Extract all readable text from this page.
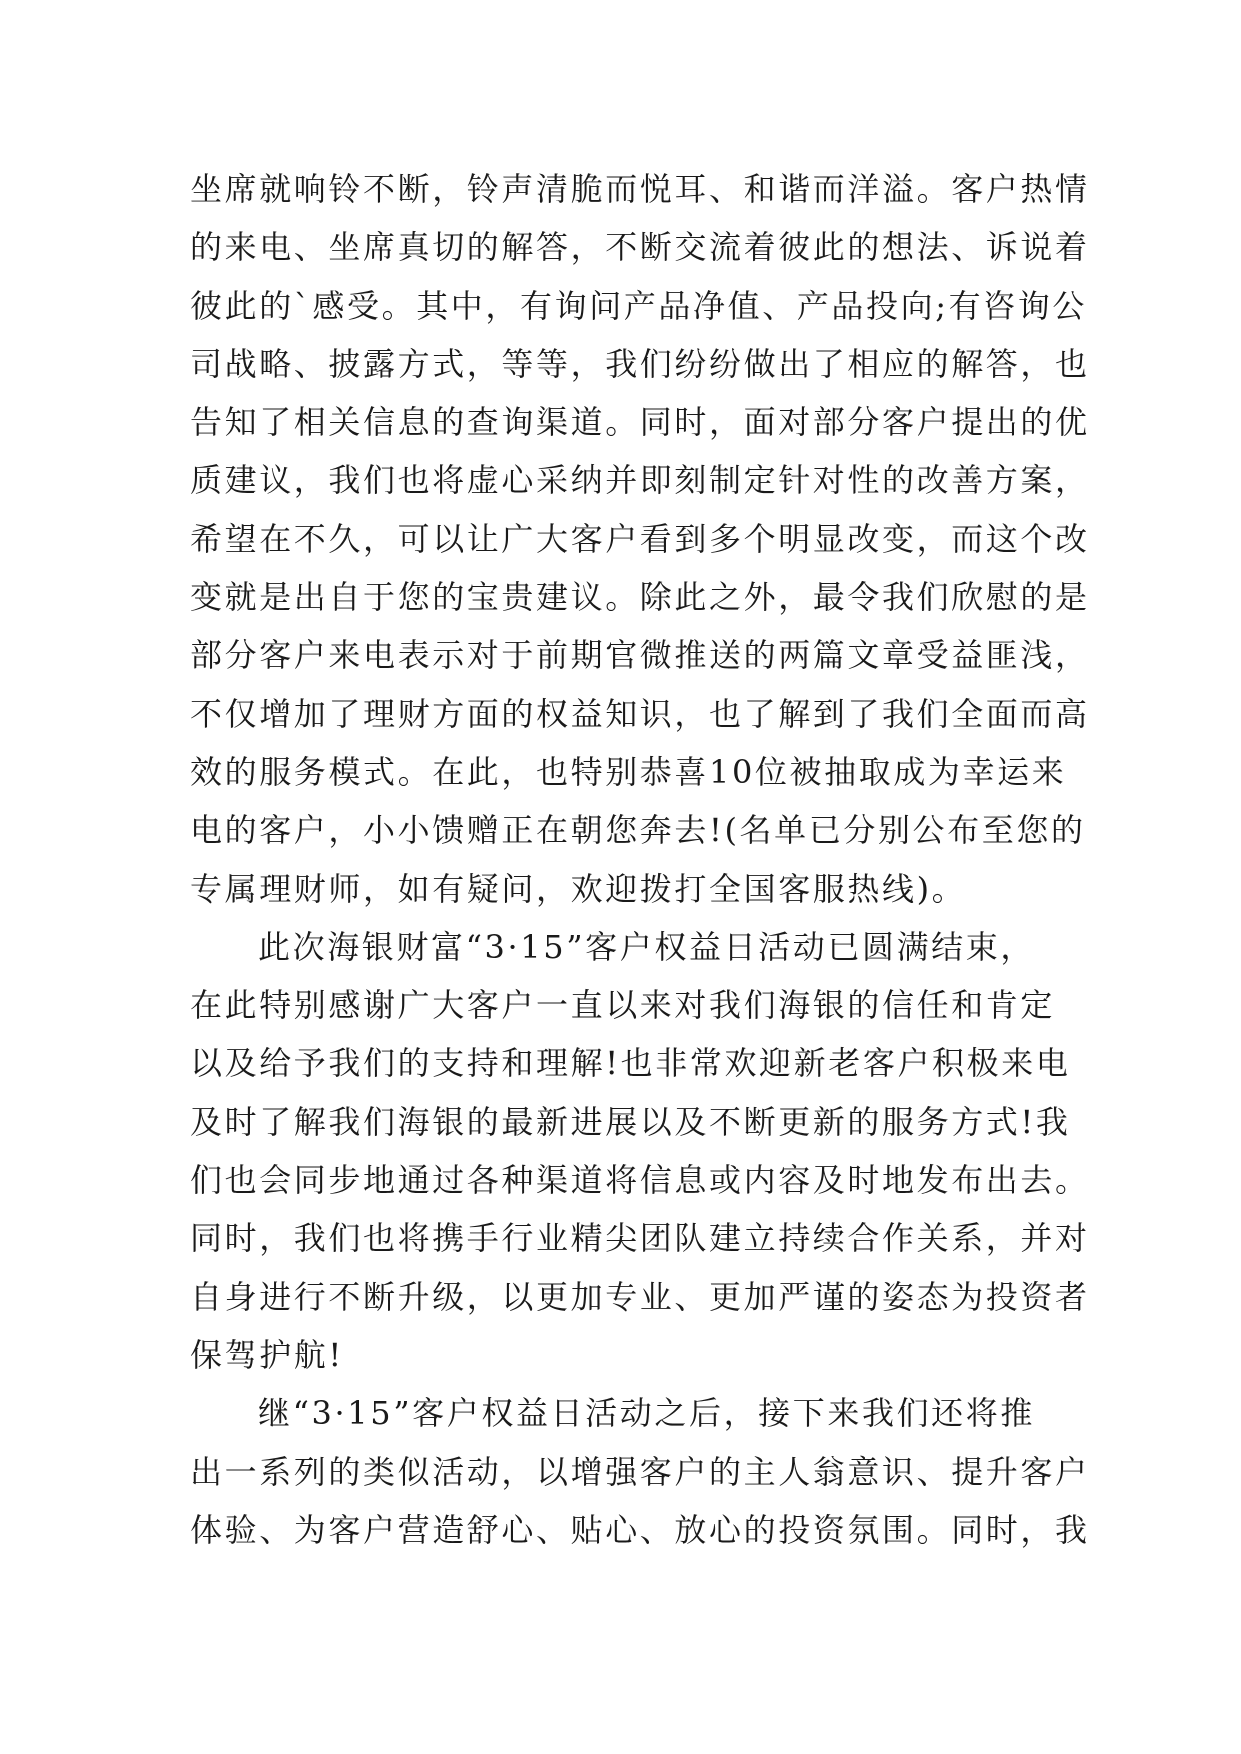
坐席就响铃不断，铃声清脆而悦耳、和谐而洋溢。客户热情
的来电、坐席真切的解答，不断交流着彼此的想法、诉说着
彼此的`感受。其中，有询问产品净值、产品投向;有咨询公
司战略、披露方式，等等，我们纷纷做出了相应的解答，也
告知了相关信息的查询渠道。同时，面对部分客户提出的优
质建议，我们也将虚心采纳并即刻制定针对性的改善方案，
希望在不久，可以让广大客户看到多个明显改变，而这个改
变就是出自于您的宝贵建议。除此之外，最令我们欣慰的是
部分客户来电表示对于前期官微推送的两篇文章受益匪浅，
不仅增加了理财方面的权益知识，也了解到了我们全面而高
效的服务模式。在此，也特别恭喜10位被抽取成为幸运来
电的客户，小小馈赠正在朝您奔去!(名单已分别公布至您的
专属理财师，如有疑问，欢迎拨打全国客服热线)。
此次海银财富“3·15”客户权益日活动已圆满结束，
在此特别感谢广大客户一直以来对我们海银的信任和肯定
以及给予我们的支持和理解!也非常欢迎新老客户积极来电
及时了解我们海银的最新进展以及不断更新的服务方式!我
们也会同步地通过各种渠道将信息或内容及时地发布出去。
同时，我们也将携手行业精尖团队建立持续合作关系，并对
自身进行不断升级，以更加专业、更加严谨的姿态为投资者
保驾护航!
继“3·15”客户权益日活动之后，接下来我们还将推
出一系列的类似活动，以增强客户的主人翁意识、提升客户
体验、为客户营造舒心、贴心、放心的投资氛围。同时，我
